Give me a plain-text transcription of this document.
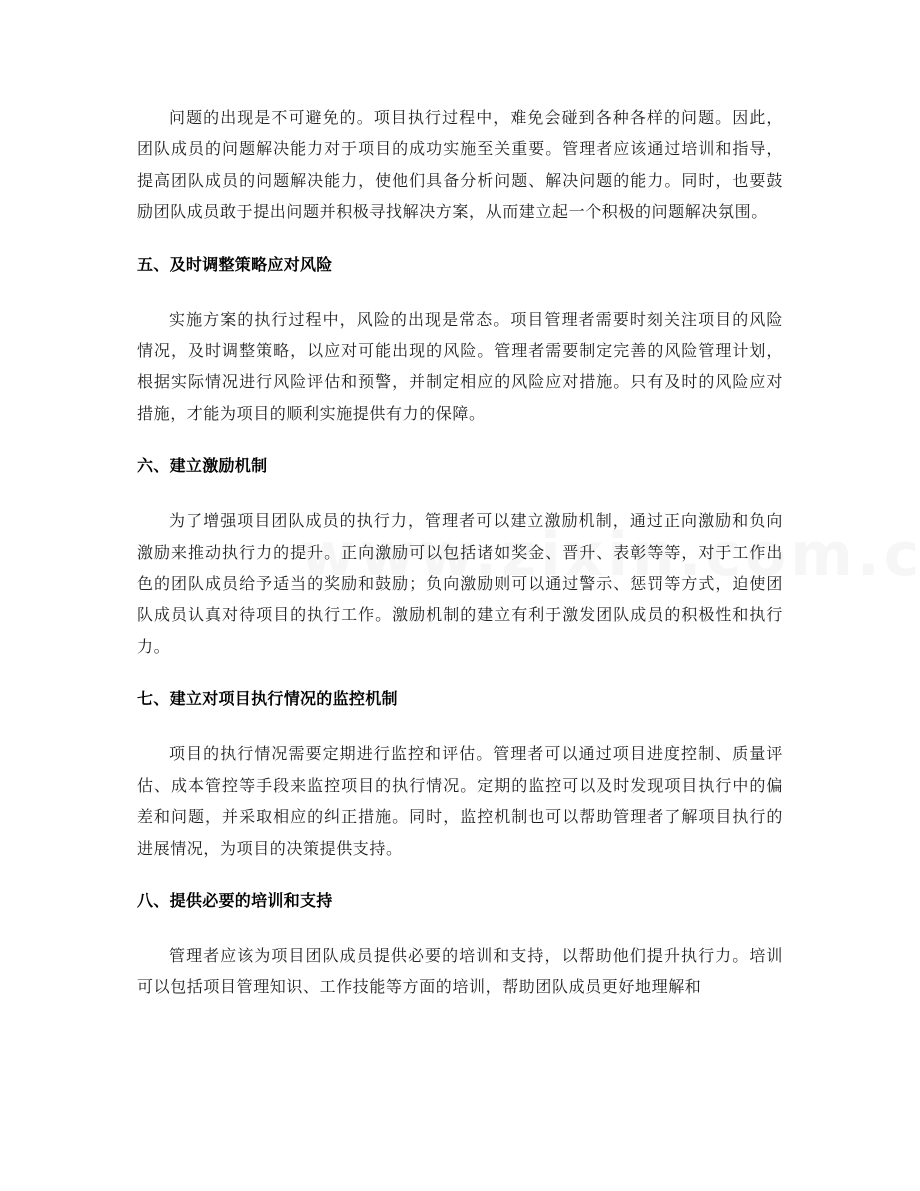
问题的出现是不可避免的。项目执行过程中，难免会碰到各种各样的问题。因此，团队成员的问题解决能力对于项目的成功实施至关重要。管理者应该通过培训和指导，提高团队成员的问题解决能力，使他们具备分析问题、解决问题的能力。同时，也要鼓励团队成员敢于提出问题并积极寻找解决方案，从而建立起一个积极的问题解决氛围。

五、及时调整策略应对风险

实施方案的执行过程中，风险的出现是常态。项目管理者需要时刻关注项目的风险情况，及时调整策略，以应对可能出现的风险。管理者需要制定完善的风险管理计划，根据实际情况进行风险评估和预警，并制定相应的风险应对措施。只有及时的风险应对措施，才能为项目的顺利实施提供有力的保障。

六、建立激励机制

为了增强项目团队成员的执行力，管理者可以建立激励机制，通过正向激励和负向激励来推动执行力的提升。正向激励可以包括诸如奖金、晋升、表彰等等，对于工作出色的团队成员给予适当的奖励和鼓励；负向激励则可以通过警示、惩罚等方式，迫使团队成员认真对待项目的执行工作。激励机制的建立有利于激发团队成员的积极性和执行力。

七、建立对项目执行情况的监控机制

项目的执行情况需要定期进行监控和评估。管理者可以通过项目进度控制、质量评估、成本管控等手段来监控项目的执行情况。定期的监控可以及时发现项目执行中的偏差和问题，并采取相应的纠正措施。同时，监控机制也可以帮助管理者了解项目执行的进展情况，为项目的决策提供支持。

八、提供必要的培训和支持

管理者应该为项目团队成员提供必要的培训和支持，以帮助他们提升执行力。培训可以包括项目管理知识、工作技能等方面的培训，帮助团队成员更好地理解和
